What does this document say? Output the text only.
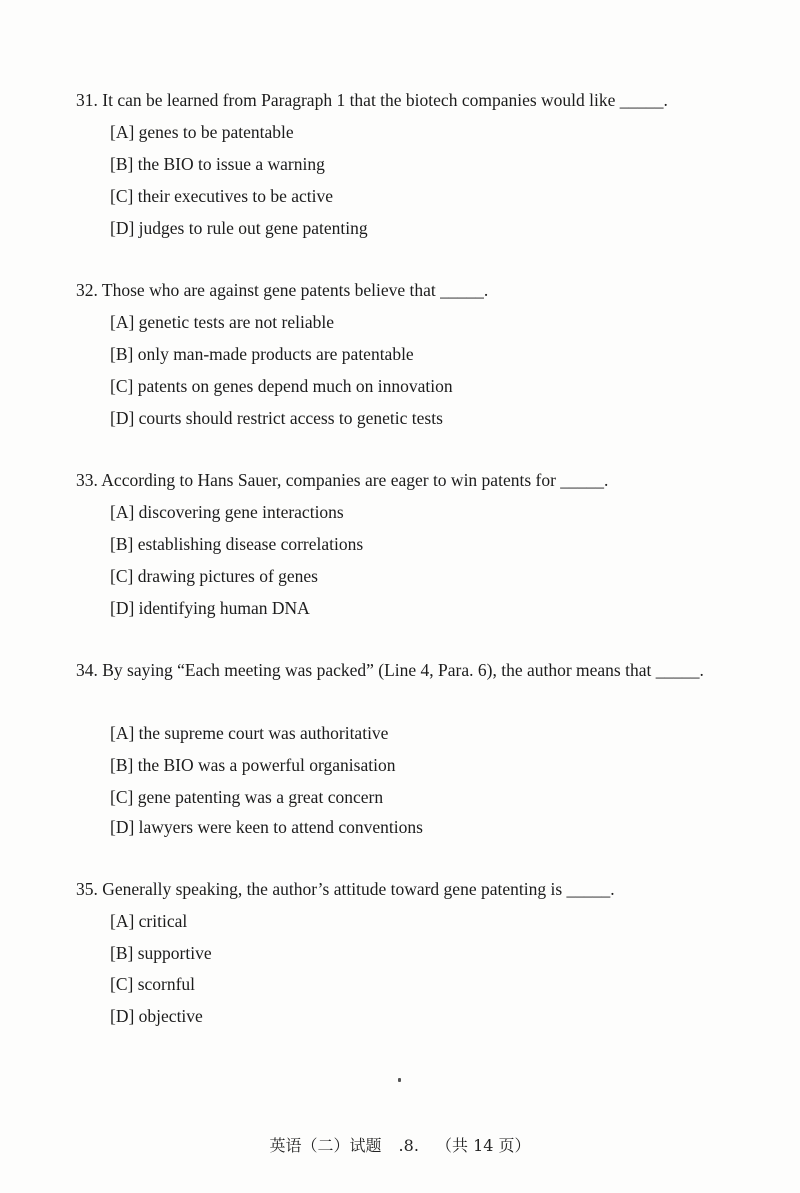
31. It can be learned from Paragraph 1 that the biotech companies would like _____.
[A] genes to be patentable
[B] the BIO to issue a warning
[C] their executives to be active
[D] judges to rule out gene patenting
32. Those who are against gene patents believe that _____.
[A] genetic tests are not reliable
[B] only man-made products are patentable
[C] patents on genes depend much on innovation
[D] courts should restrict access to genetic tests
33. According to Hans Sauer, companies are eager to win patents for _____.
[A] discovering gene interactions
[B] establishing disease correlations
[C] drawing pictures of genes
[D] identifying human DNA
34. By saying “Each meeting was packed” (Line 4, Para. 6), the author means that _____.
[A] the supreme court was authoritative
[B] the BIO was a powerful organisation
[C] gene patenting was a great concern
[D] lawyers were keen to attend conventions
35. Generally speaking, the author’s attitude toward gene patenting is _____.
[A] critical
[B] supportive
[C] scornful
[D] objective
英语（二）试题 .8. （共 14 页）
